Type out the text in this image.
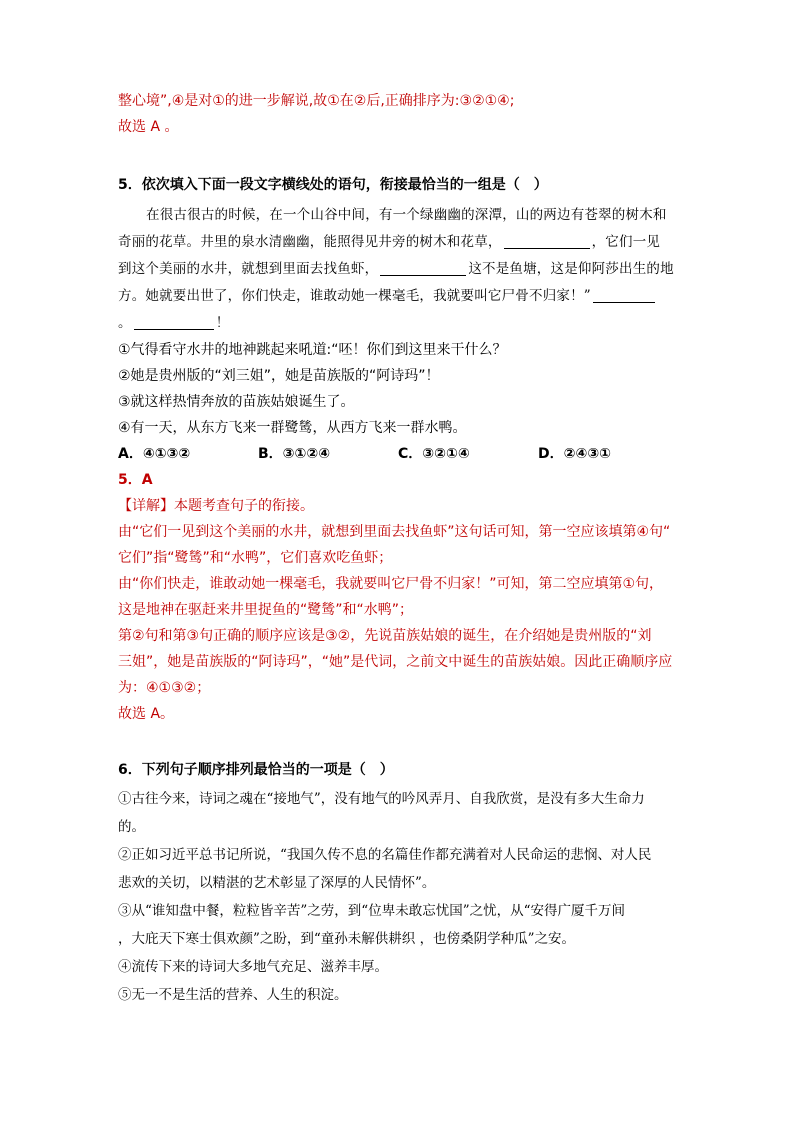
整心境”,④是对①的进一步解说,故①在②后,正确排序为:③②①④;
故选 A 。
5．依次填入下面一段文字横线处的语句，衔接最恰当的一组是（　）
在很古很古的时候，在一个山谷中间，有一个绿幽幽的深潭，山的两边有苍翠的树木和
奇丽的花草。井里的泉水清幽幽，能照得见井旁的树木和花草，	，它们一见
到这个美丽的水井，就想到里面去找鱼虾，	这不是鱼塘，这是仰阿莎出生的地
方。她就要出世了，你们快走，谁敢动她一棵毫毛，我就要叫它尸骨不归家！”
。	！
①气得看守水井的地神跳起来吼道:“呸！你们到这里来干什么？
②她是贵州版的“刘三姐”，她是苗族版的“阿诗玛”！
③就这样热情奔放的苗族姑娘诞生了。
④有一天，从东方飞来一群鹭鸶，从西方飞来一群水鸭。
A．④①③②	B．③①②④	C．③②①④	D．②④③①
5．A
【详解】本题考查句子的衔接。
由“它们一见到这个美丽的水井，就想到里面去找鱼虾”这句话可知，第一空应该填第④句“
它们”指“鹭鸶”和“水鸭”，它们喜欢吃鱼虾；
由“你们快走，谁敢动她一棵毫毛，我就要叫它尸骨不归家！”可知，第二空应填第①句，
这是地神在驱赶来井里捉鱼的“鹭鸶”和“水鸭”；
第②句和第③句正确的顺序应该是③②，先说苗族姑娘的诞生，在介绍她是贵州版的“刘
三姐”，她是苗族版的“阿诗玛”，“她”是代词，之前文中诞生的苗族姑娘。因此正确顺序应
为：④①③②；
故选 A。
6．下列句子顺序排列最恰当的一项是（　）
①古往今来，诗词之魂在“接地气”，没有地气的吟风弄月、自我欣赏，是没有多大生命力
的。
②正如习近平总书记所说，“我国久传不息的名篇佳作都充满着对人民命运的悲悯、对人民
悲欢的关切，以精湛的艺术彰显了深厚的人民情怀”。
③从“谁知盘中餐，粒粒皆辛苦”之劳，到“位卑未敢忘忧国”之忧，从“安得广厦千万间
，大庇天下寒士俱欢颜”之盼，到“童孙未解供耕织 ，也傍桑阴学种瓜”之安。
④流传下来的诗词大多地气充足、滋养丰厚。
⑤无一不是生活的营养、人生的积淀。
